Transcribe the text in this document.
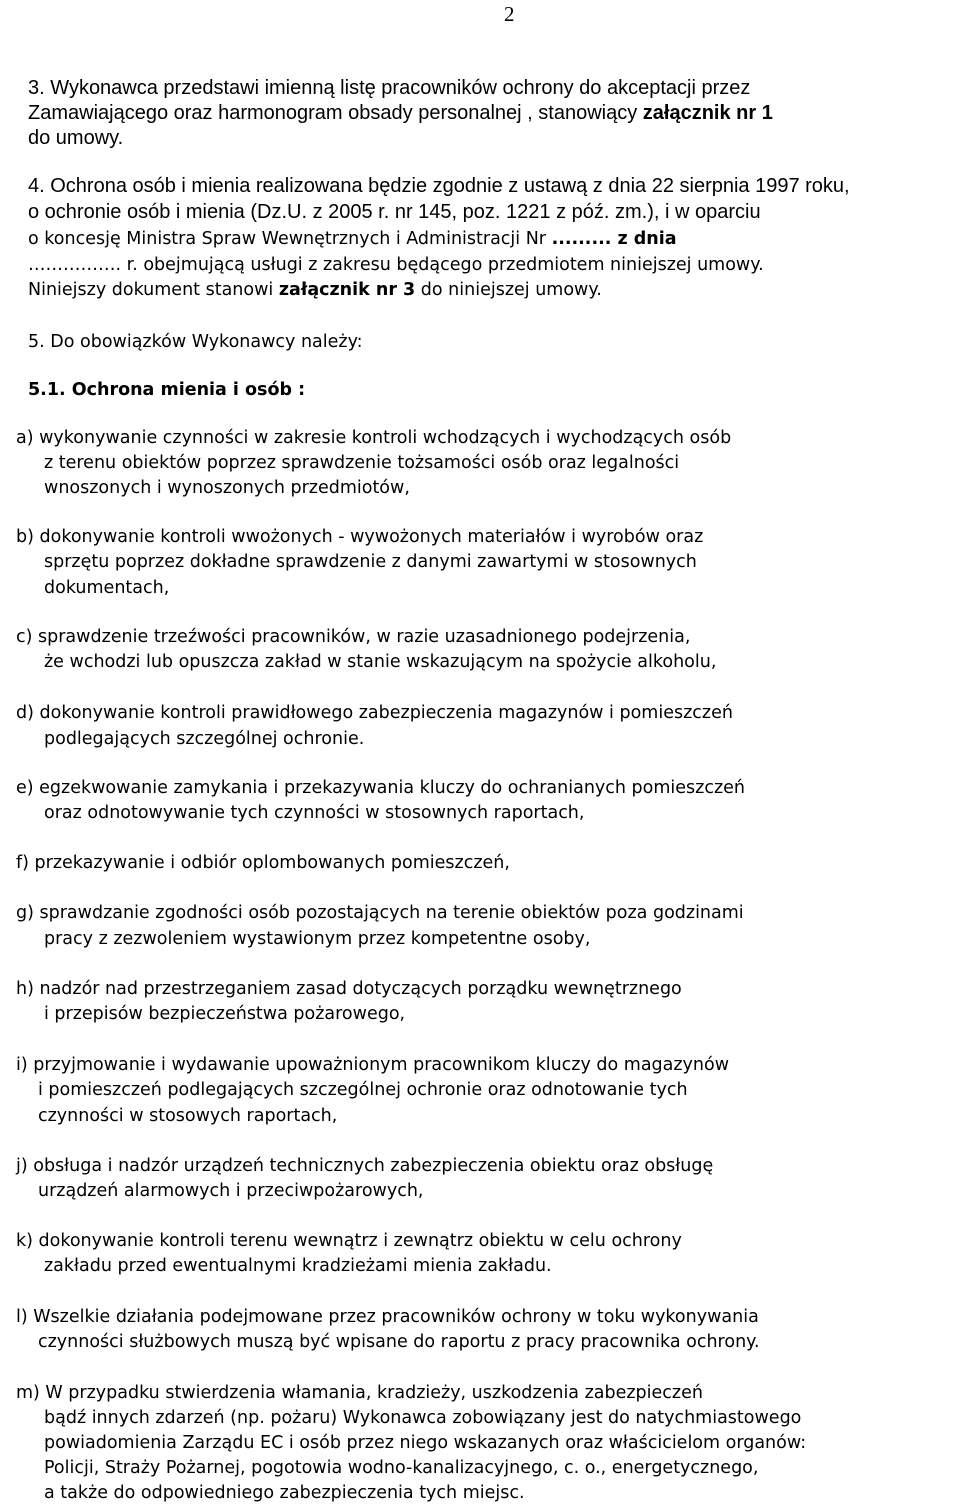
2
3. Wykonawca przedstawi imienną listę pracowników ochrony do akceptacji przez
Zamawiającego oraz harmonogram obsady personalnej , stanowiący załącznik nr 1
do umowy.
4. Ochrona osób i mienia realizowana będzie zgodnie z ustawą z dnia 22 sierpnia 1997 roku,
o ochronie osób i mienia (Dz.U. z 2005 r. nr 145, poz. 1221 z póź. zm.), i w oparciu
o koncesję Ministra Spraw Wewnętrznych i Administracji Nr ......... z dnia
……………. r. obejmującą usługi z zakresu będącego przedmiotem niniejszej umowy.
Niniejszy dokument stanowi załącznik nr 3 do niniejszej umowy.
5. Do obowiązków Wykonawcy należy:
5.1. Ochrona mienia i osób :
a) wykonywanie czynności w zakresie kontroli wchodzących i wychodzących osób
z terenu obiektów poprzez sprawdzenie tożsamości osób oraz legalności
wnoszonych i wynoszonych przedmiotów,
b) dokonywanie kontroli wwożonych - wywożonych materiałów i wyrobów oraz
sprzętu poprzez dokładne sprawdzenie z danymi zawartymi w stosownych
dokumentach,
c) sprawdzenie trzeźwości pracowników, w razie uzasadnionego podejrzenia,
że wchodzi lub opuszcza zakład w stanie wskazującym na spożycie alkoholu,
d) dokonywanie kontroli prawidłowego zabezpieczenia magazynów i pomieszczeń
podlegających szczególnej ochronie.
e) egzekwowanie zamykania i przekazywania kluczy do ochranianych pomieszczeń
oraz odnotowywanie tych czynności w stosownych raportach,
f) przekazywanie i odbiór oplombowanych pomieszczeń,
g) sprawdzanie zgodności osób pozostających na terenie obiektów poza godzinami
pracy z zezwoleniem wystawionym przez kompetentne osoby,
h) nadzór nad przestrzeganiem zasad dotyczących porządku wewnętrznego
i przepisów bezpieczeństwa pożarowego,
i) przyjmowanie i wydawanie upoważnionym pracownikom kluczy do magazynów
i pomieszczeń podlegających szczególnej ochronie oraz odnotowanie tych
czynności w stosowych raportach,
j) obsługa i nadzór urządzeń technicznych zabezpieczenia obiektu oraz obsługę
urządzeń alarmowych i przeciwpożarowych,
k) dokonywanie kontroli terenu wewnątrz i zewnątrz obiektu w celu ochrony
zakładu przed ewentualnymi kradzieżami mienia zakładu.
l) Wszelkie działania podejmowane przez pracowników ochrony w toku wykonywania
czynności służbowych muszą być wpisane do raportu z pracy pracownika ochrony.
m) W przypadku stwierdzenia włamania, kradzieży, uszkodzenia zabezpieczeń
bądź innych zdarzeń (np. pożaru) Wykonawca zobowiązany jest do natychmiastowego
powiadomienia Zarządu EC i osób przez niego wskazanych oraz właścicielom organów:
Policji, Straży Pożarnej, pogotowia wodno-kanalizacyjnego, c. o., energetycznego,
a także do odpowiedniego zabezpieczenia tych miejsc.
